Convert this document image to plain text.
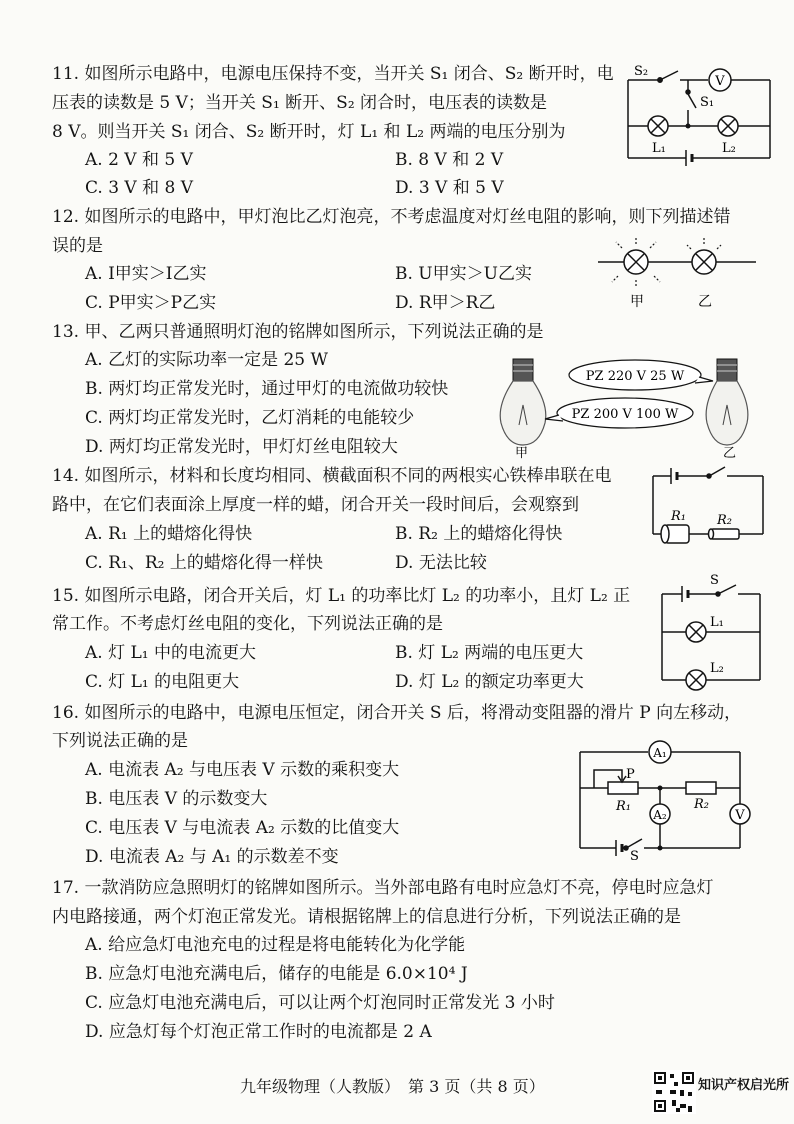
11. 如图所示电路中，电源电压保持不变，当开关 S₁ 闭合、S₂ 断开时，电
压表的读数是 5 V；当开关 S₁ 断开、S₂ 闭合时，电压表的读数是
8 V。则当开关 S₁ 闭合、S₂ 断开时，灯 L₁ 和 L₂ 两端的电压分别为
A. 2 V 和 5 V	B. 8 V 和 2 V
C. 3 V 和 8 V	D. 3 V 和 5 V
S₂
V
S₁
L₁	L₂
12. 如图所示的电路中，甲灯泡比乙灯泡亮，不考虑温度对灯丝电阻的影响，则下列描述错
误的是
A. I甲实＞I乙实	B. U甲实＞U乙实
C. P甲实＞P乙实	D. R甲＞R乙	甲	乙
13. 甲、乙两只普通照明灯泡的铭牌如图所示，下列说法正确的是
A. 乙灯的实际功率一定是 25 W
B. 两灯均正常发光时，通过甲灯的电流做功较快
C. 两灯均正常发光时，乙灯消耗的电能较少
D. 两灯均正常发光时，甲灯灯丝电阻较大	甲	乙
PZ 220 V 25 W
PZ 200 V 100 W
14. 如图所示，材料和长度均相同、横截面积不同的两根实心铁棒串联在电
路中，在它们表面涂上厚度一样的蜡，闭合开关一段时间后，会观察到
A. R₁ 上的蜡熔化得快	B. R₂ 上的蜡熔化得快
C. R₁、R₂ 上的蜡熔化得一样快	D. 无法比较
R₁ R₂
15. 如图所示电路，闭合开关后，灯 L₁ 的功率比灯 L₂ 的功率小，且灯 L₂ 正
常工作。不考虑灯丝电阻的变化，下列说法正确的是
A. 灯 L₁ 中的电流更大	B. 灯 L₂ 两端的电压更大
C. 灯 L₁ 的电阻更大	D. 灯 L₂ 的额定功率更大
S
L₁
L₂
16. 如图所示的电路中，电源电压恒定，闭合开关 S 后，将滑动变阻器的滑片 P 向左移动，
下列说法正确的是
A. 电流表 A₂ 与电压表 V 示数的乘积变大
B. 电压表 V 的示数变大
C. 电压表 V 与电流表 A₂ 示数的比值变大
D. 电流表 A₂ 与 A₁ 的示数差不变
A₁
P
R₁	R₂
A₂	V
S
17. 一款消防应急照明灯的铭牌如图所示。当外部电路有电时应急灯不亮，停电时应急灯
内电路接通，两个灯泡正常发光。请根据铭牌上的信息进行分析，下列说法正确的是
A. 给应急灯电池充电的过程是将电能转化为化学能
B. 应急灯电池充满电后，储存的电能是 6.0×10⁴ J
C. 应急灯电池充满电后，可以让两个灯泡同时正常发光 3 小时
D. 应急灯每个灯泡正常工作时的电流都是 2 A
九年级物理（人教版）　第 3 页（共 8 页）	知识产权启光所
